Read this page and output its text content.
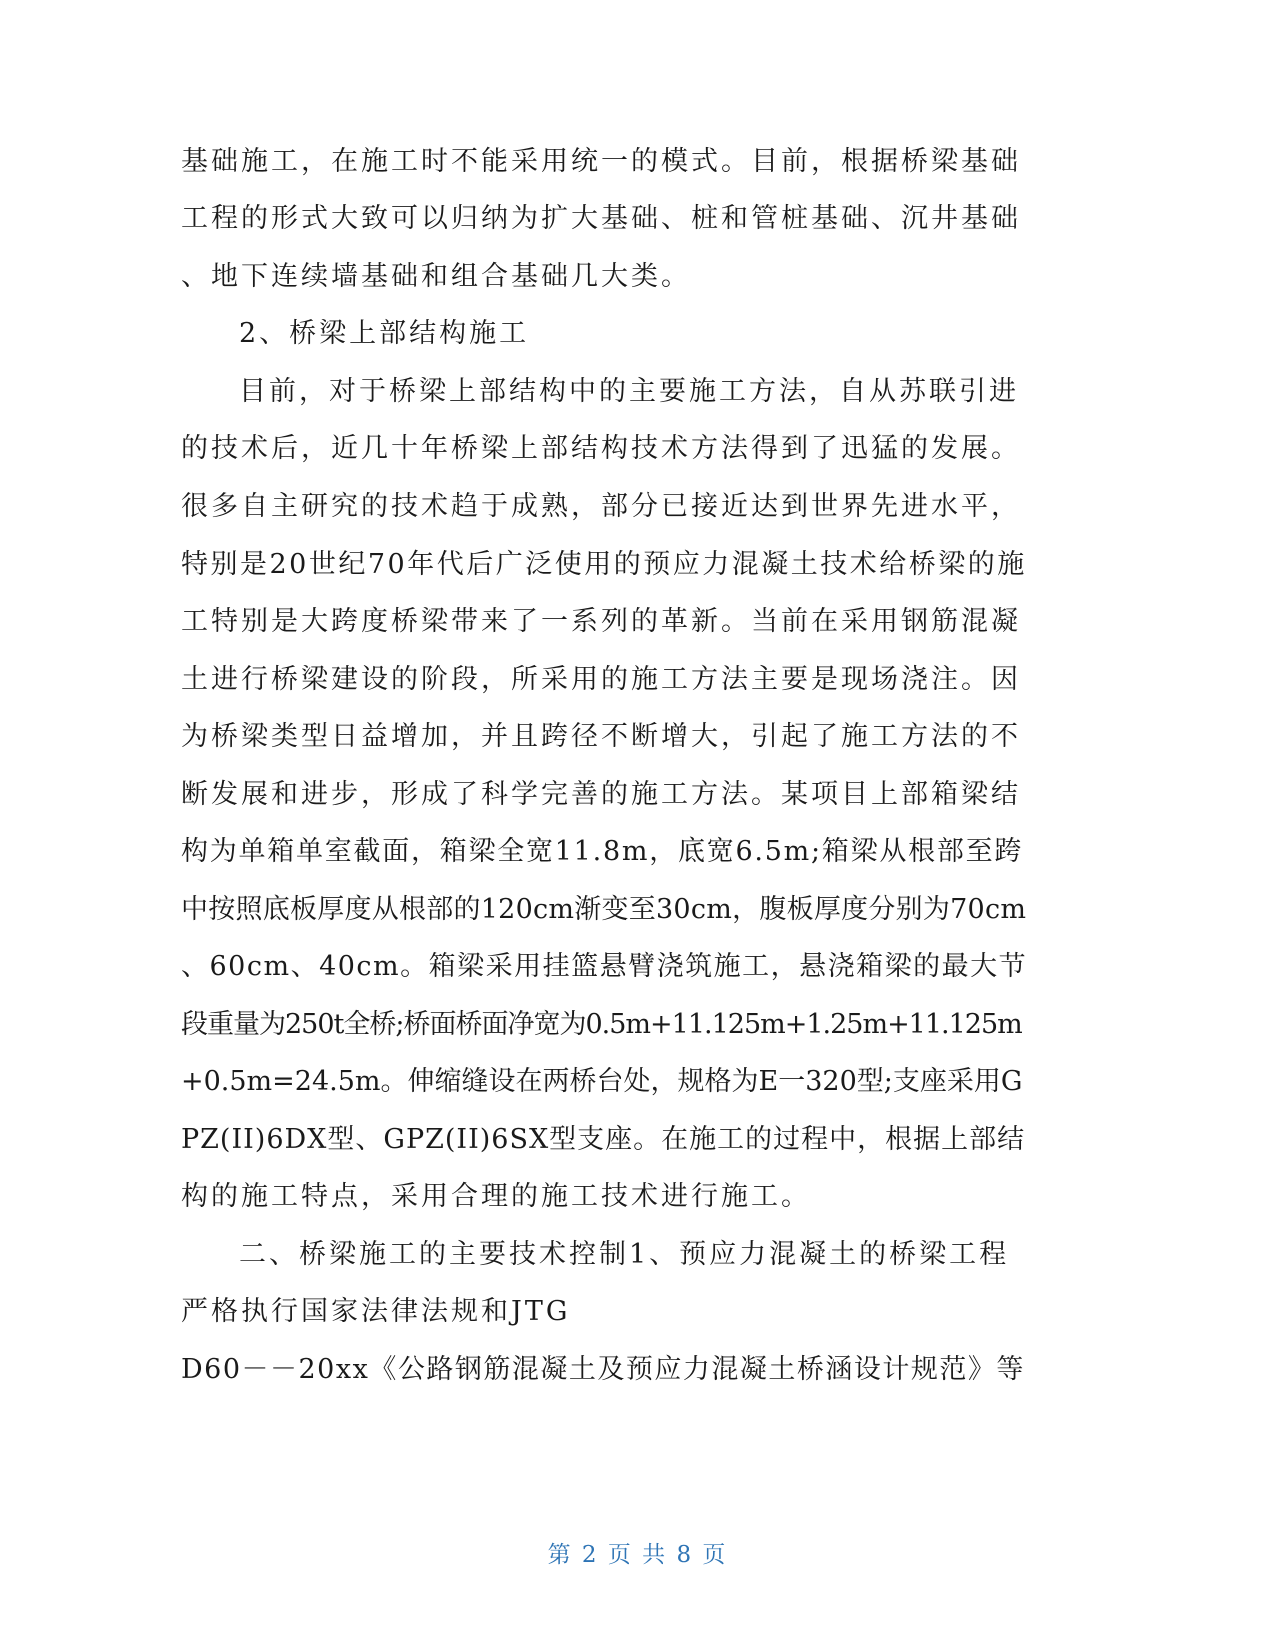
基础施工，在施工时不能采用统一的模式。目前，根据桥梁基础
工程的形式大致可以归纳为扩大基础、桩和管桩基础、沉井基础
、地下连续墙基础和组合基础几大类。
2、桥梁上部结构施工
目前，对于桥梁上部结构中的主要施工方法，自从苏联引进
的技术后，近几十年桥梁上部结构技术方法得到了迅猛的发展。
很多自主研究的技术趋于成熟，部分已接近达到世界先进水平，
特别是20世纪70年代后广泛使用的预应力混凝土技术给桥梁的施
工特别是大跨度桥梁带来了一系列的革新。当前在采用钢筋混凝
土进行桥梁建设的阶段，所采用的施工方法主要是现场浇注。因
为桥梁类型日益增加，并且跨径不断增大，引起了施工方法的不
断发展和进步，形成了科学完善的施工方法。某项目上部箱梁结
构为单箱单室截面，箱梁全宽11.8m，底宽6.5m;箱梁从根部至跨
中按照底板厚度从根部的120cm渐变至30cm，腹板厚度分别为70cm
、60cm、40cm。箱梁采用挂篮悬臂浇筑施工，悬浇箱梁的最大节
段重量为250t全桥;桥面桥面净宽为0.5m+11.125m+1.25m+11.125m
+0.5m=24.5m。伸缩缝设在两桥台处，规格为E一320型;支座采用G
PZ(II)6DX型、GPZ(II)6SX型支座。在施工的过程中，根据上部结
构的施工特点，采用合理的施工技术进行施工。
二、桥梁施工的主要技术控制1、预应力混凝土的桥梁工程
严格执行国家法律法规和JTG
D60－－20xx《公路钢筋混凝土及预应力混凝土桥涵设计规范》等
第 2 页 共 8 页
